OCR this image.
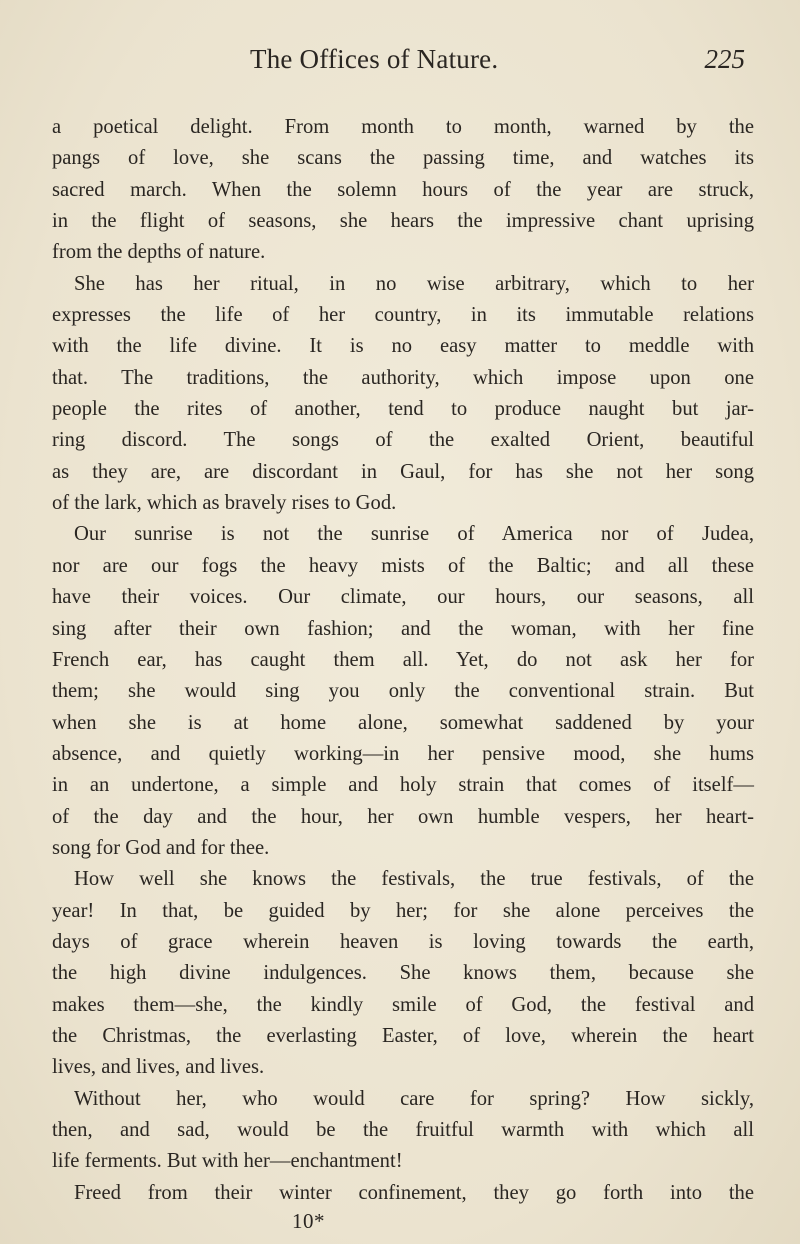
The Offices of Nature.	225
a poetical delight. From month to month, warned by the
pangs of love, she scans the passing time, and watches its
sacred march. When the solemn hours of the year are struck,
in the flight of seasons, she hears the impressive chant uprising
from the depths of nature.
She has her ritual, in no wise arbitrary, which to her
expresses the life of her country, in its immutable relations
with the life divine. It is no easy matter to meddle with
that. The traditions, the authority, which impose upon one
people the rites of another, tend to produce naught but jar-
ring discord. The songs of the exalted Orient, beautiful
as they are, are discordant in Gaul, for has she not her song
of the lark, which as bravely rises to God.
Our sunrise is not the sunrise of America nor of Judea,
nor are our fogs the heavy mists of the Baltic; and all these
have their voices. Our climate, our hours, our seasons, all
sing after their own fashion; and the woman, with her fine
French ear, has caught them all. Yet, do not ask her for
them; she would sing you only the conventional strain. But
when she is at home alone, somewhat saddened by your
absence, and quietly working—in her pensive mood, she hums
in an undertone, a simple and holy strain that comes of itself—
of the day and the hour, her own humble vespers, her heart-
song for God and for thee.
How well she knows the festivals, the true festivals, of the
year! In that, be guided by her; for she alone perceives the
days of grace wherein heaven is loving towards the earth,
the high divine indulgences. She knows them, because she
makes them—she, the kindly smile of God, the festival and
the Christmas, the everlasting Easter, of love, wherein the heart
lives, and lives, and lives.
Without her, who would care for spring? How sickly,
then, and sad, would be the fruitful warmth with which all
life ferments. But with her—enchantment!
Freed from their winter confinement, they go forth into the
10*
